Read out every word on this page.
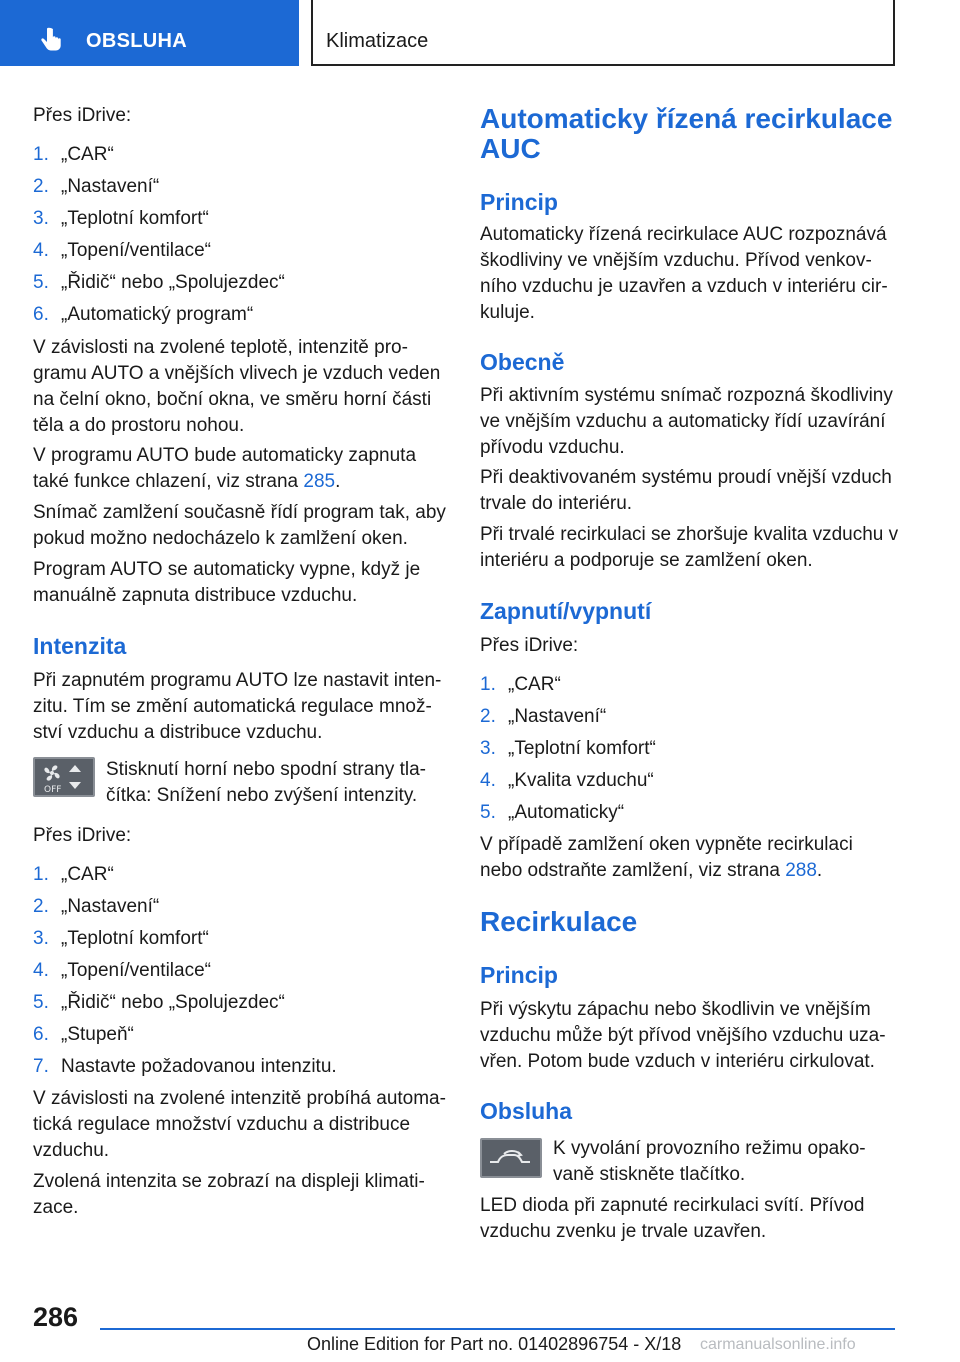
OBSLUHA	Klimatizace

Přes iDrive:

1. „CAR“
2. „Nastavení“
3. „Teplotní komfort“
4. „Topení/ventilace“
5. „Řidič“ nebo „Spolujezdec“
6. „Automatický program“

V závislosti na zvolené teplotě, intenzitě pro-

gramu AUTO a vnějších vlivech je vzduch veden

na čelní okno, boční okna, ve směru horní části

těla a do prostoru nohou.

V programu AUTO bude automaticky zapnuta

také funkce chlazení, viz strana 285.

Snímač zamlžení současně řídí program tak, aby

pokud možno nedocházelo k zamlžení oken.

Program AUTO se automaticky vypne, když je

manuálně zapnuta distribuce vzduchu.

Intenzita

Při zapnutém programu AUTO lze nastavit inten-

zitu. Tím se změní automatická regulace množ-

ství vzduchu a distribuce vzduchu.

OFF

Stisknutí horní nebo spodní strany tla-

čítka: Snížení nebo zvýšení intenzity.

Přes iDrive:

1. „CAR“
2. „Nastavení“
3. „Teplotní komfort“
4. „Topení/ventilace“
5. „Řidič“ nebo „Spolujezdec“
6. „Stupeň“
7. Nastavte požadovanou intenzitu.

V závislosti na zvolené intenzitě probíhá automa-

tická regulace množství vzduchu a distribuce

vzduchu.

Zvolená intenzita se zobrazí na displeji klimati-

zace.

Automaticky řízená recirkulace
AUC
Princip

Automaticky řízená recirkulace AUC rozpoznává

škodliviny ve vnějším vzduchu. Přívod venkov-

ního vzduchu je uzavřen a vzduch v interiéru cir-

kuluje.

Obecně

Při aktivním systému snímač rozpozná škodliviny

ve vnějším vzduchu a automaticky řídí uzavírání

přívodu vzduchu.

Při deaktivovaném systému proudí vnější vzduch

trvale do interiéru.

Při trvalé recirkulaci se zhoršuje kvalita vzduchu v

interiéru a podporuje se zamlžení oken.

Zapnutí/vypnutí

Přes iDrive:

1. „CAR“
2. „Nastavení“
3. „Teplotní komfort“
4. „Kvalita vzduchu“
5. „Automaticky“

V případě zamlžení oken vypněte recirkulaci

nebo odstraňte zamlžení, viz strana 288.

Recirkulace
Princip

Při výskytu zápachu nebo škodlivin ve vnějším

vzduchu může být přívod vnějšího vzduchu uza-

vřen. Potom bude vzduch v interiéru cirkulovat.

Obsluha

K vyvolání provozního režimu opako-

vaně stiskněte tlačítko.

LED dioda při zapnuté recirkulaci svítí. Přívod

vzduchu zvenku je trvale uzavřen.

286
Online Edition for Part no. 01402896754 - X/18 carmanualsonline.info
